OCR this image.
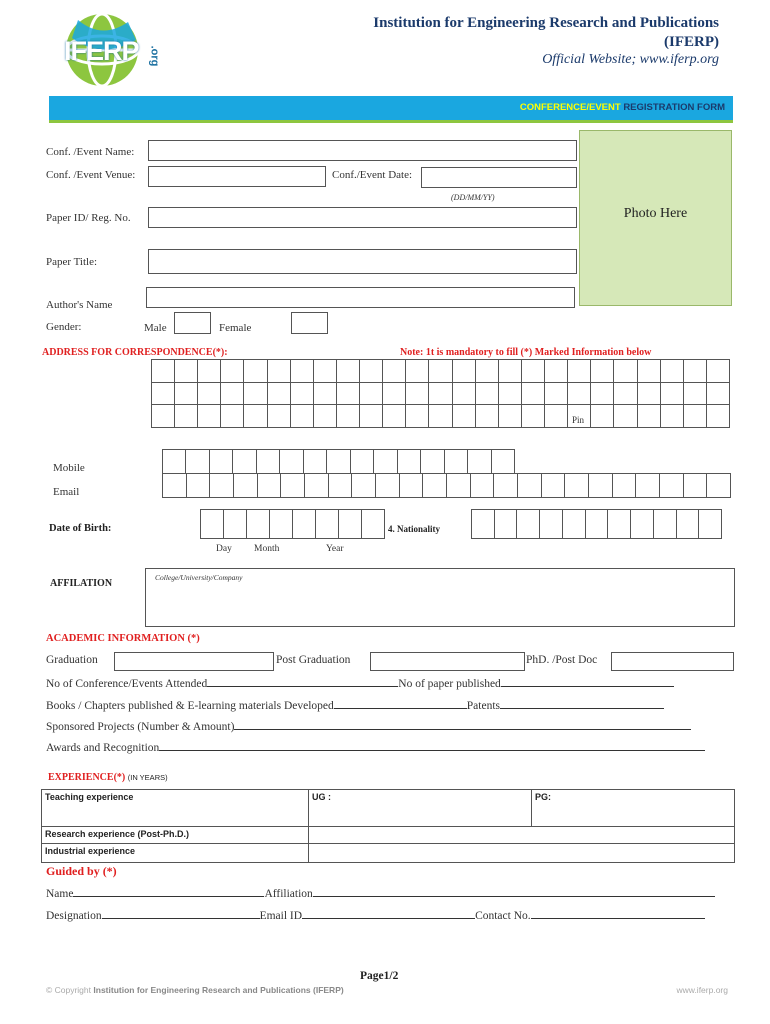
IFERP .org
Institution for Engineering Research and Publications
(IFERP)
Official Website; www.iferp.org
CONFERENCE/EVENT REGISTRATION FORM
Photo Here
Conf. /Event Name:
Conf. /Event Venue:	Conf./Event Date:
(DD/MM/YY)
Paper ID/ Reg. No.
Paper Title:
Author's Name
Gender:	Male	Female
ADDRESS FOR CORRESPONDENCE(*):	Note: 1t is mandatory to fill (*) Marked Information below
Pin
Mobile
Email
Date of Birth:	4. Nationality
Day Month	Year
AFFILATION
College/University/Company
ACADEMIC INFORMATION (*)
Graduation	Post Graduation	PhD. /Post Doc
No of Conference/Events Attended	No of paper published
Books / Chapters published & E-learning materials Developed	Patents
Sponsored Projects (Number & Amount)
Awards and Recognition
EXPERIENCE(*) (IN YEARS)
Teaching experience	UG :	PG:
Research experience (Post-Ph.D.)		
Industrial experience		
Guided by (*)
Name	Affiliation
Designation	Email ID	Contact No.
Page1/2
© Copyright Institution for Engineering Research and Publications (IFERP)	www.iferp.org
